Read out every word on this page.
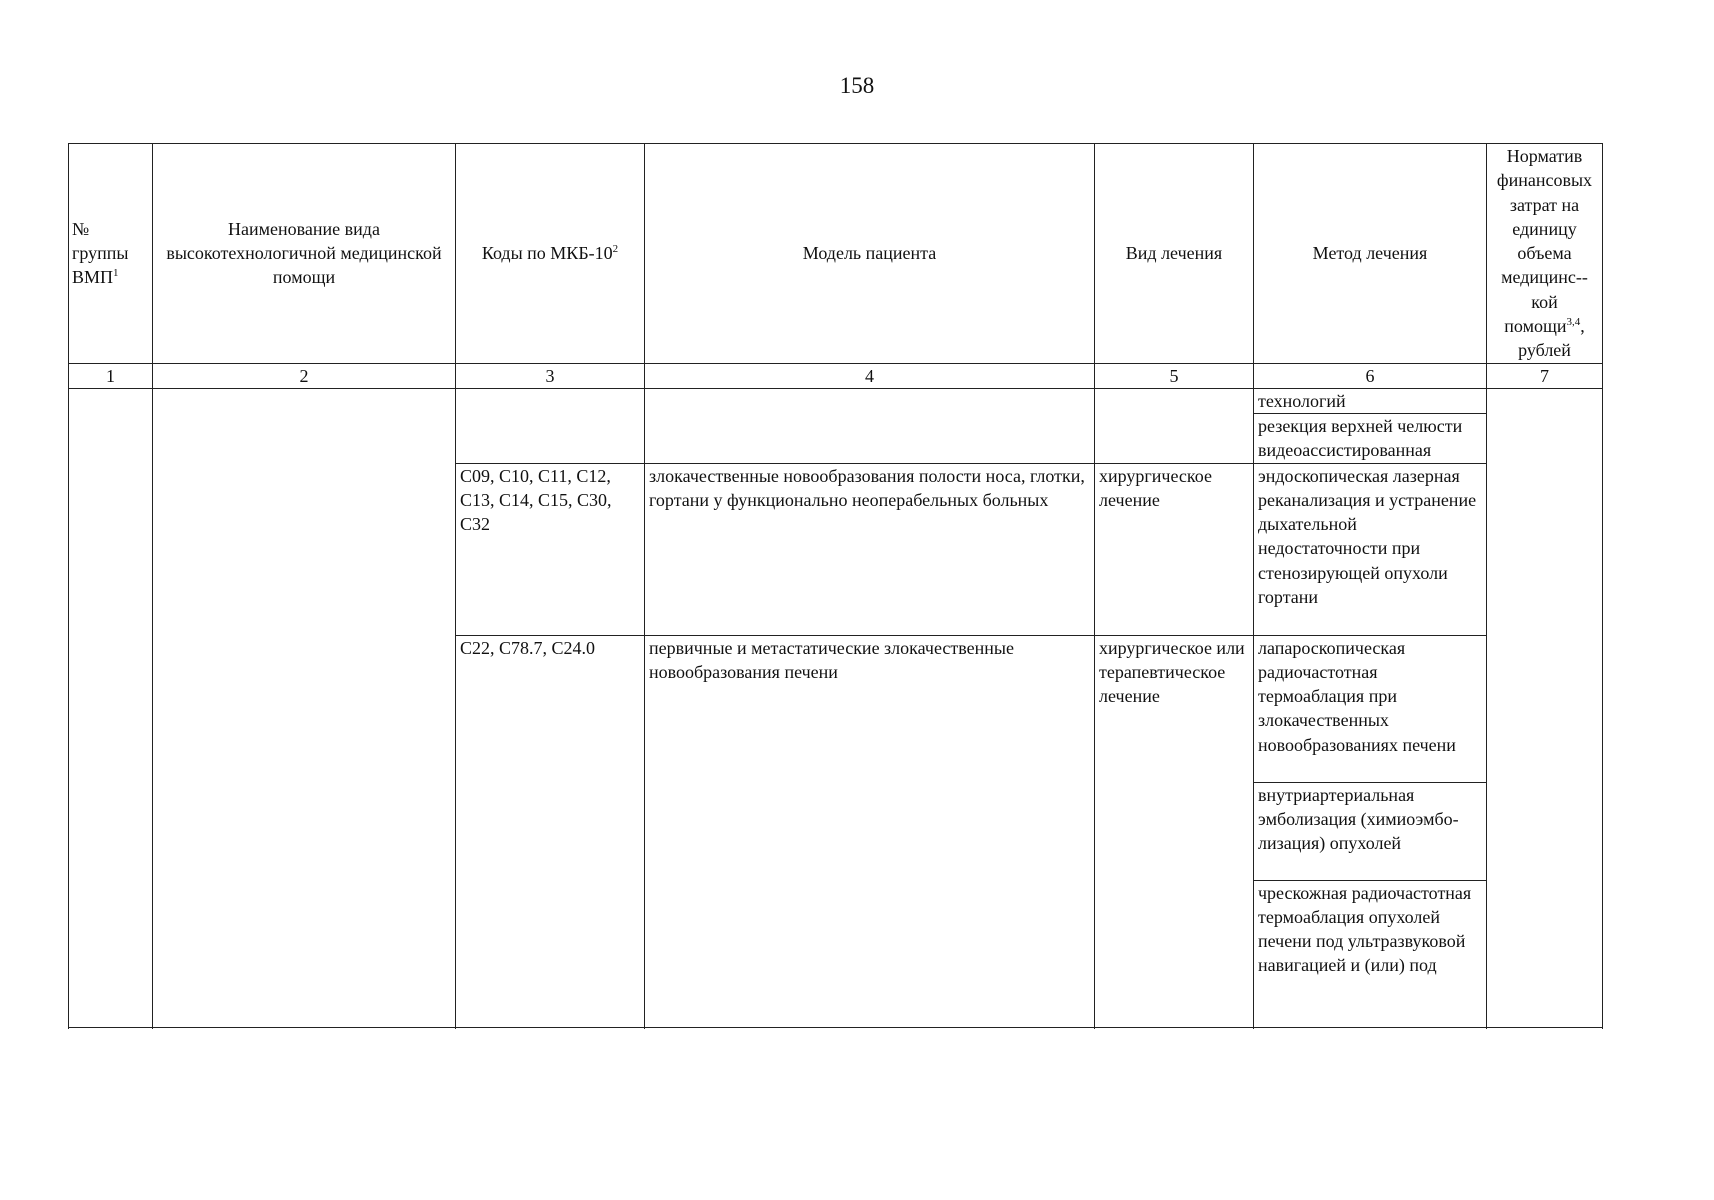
158
№ группы ВМП$^1$	Наименование вида высокотехнологичной медицинской помощи	Коды по МКБ-$10^2$	Модель пациента	Вид лечения	Метод лечения	Норматив финансовых затрат на единицу объема медицинс--кой помощи$^{3,4}$, рублей
1	2	3	4	5	6	7
					технологий	
					резекция верхней челюсти видеоассистированная	
		C09, C10, C11, C12, C13, C14, C15, C30, C32	злокачественные новообразования полости носа, глотки, гортани у функционально неоперабельных больных	хирургическое лечение	эндоскопическая лазерная реканализация и устранение дыхательной недостаточности при стенозирующей опухоли гортани	
		C22, C78.7, C24.0	первичные и метастатические злокачественные новообразования печени	хирургическое или терапевтическое лечение	лапароскопическая радиочастотная термоаблация при злокачественных новообразованиях печени	
					внутриартериальная эмболизация (химиоэмбо-лизация) опухолей	
					чрескожная радиочастотная термоаблация опухолей печени под ультразвуковой навигацией и (или) под	
